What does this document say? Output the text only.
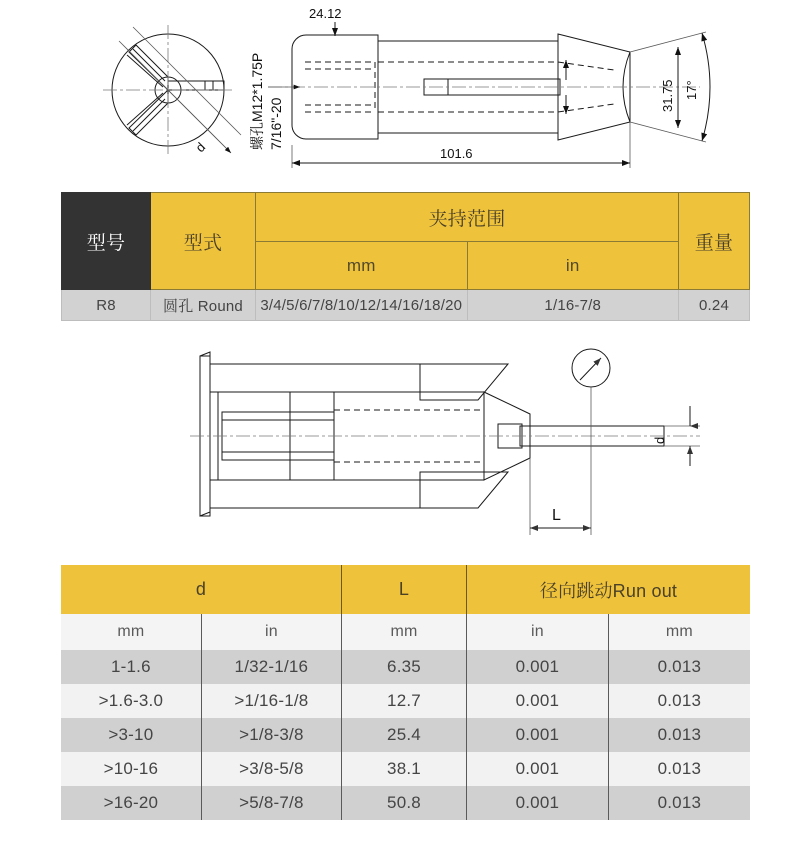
d	螺孔M12*1.75P 7/16"-20
24.12
101.6
31.75 17°
型号	型式	夹持范围		重量
		mm	in	
R8	圆孔 Round	3/4/5/6/7/8/10/12/14/16/18/20	1/16-7/8	0.24
d
L
d		L	径向跳动Run out	
mm	in	mm	in	mm
1-1.6	1/32-1/16	6.35	0.001	0.013
>1.6-3.0	>1/16-1/8	12.7	0.001	0.013
>3-10	>1/8-3/8	25.4	0.001	0.013
>10-16	>3/8-5/8	38.1	0.001	0.013
>16-20	>5/8-7/8	50.8	0.001	0.013
